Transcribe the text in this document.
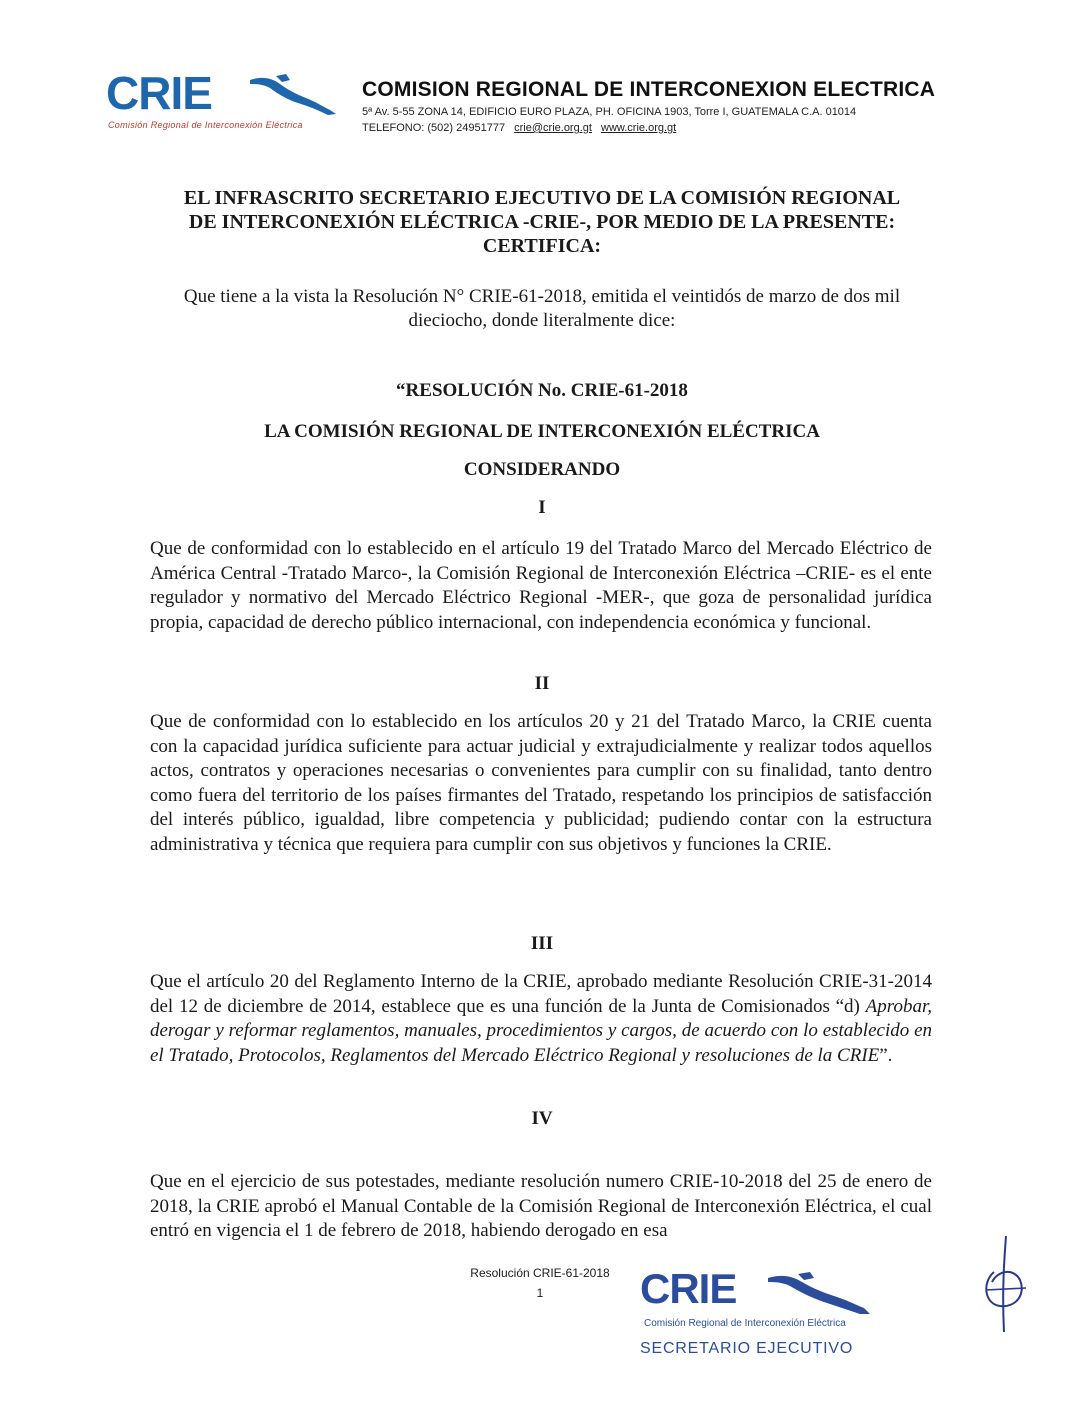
CRIE
Comisión Regional de Interconexión Eléctrica
COMISION REGIONAL DE INTERCONEXION ELECTRICA
5ª Av. 5-55 ZONA 14, EDIFICIO EURO PLAZA, PH. OFICINA 1903, Torre I, GUATEMALA C.A. 01014
TELEFONO: (502) 24951777 crie@crie.org.gt www.crie.org.gt
EL INFRASCRITO SECRETARIO EJECUTIVO DE LA COMISIÓN REGIONAL
DE INTERCONEXIÓN ELÉCTRICA -CRIE-, POR MEDIO DE LA PRESENTE:
CERTIFICA:
Que tiene a la vista la Resolución N° CRIE-61-2018, emitida el veintidós de marzo de dos mil dieciocho, donde literalmente dice:
“RESOLUCIÓN No. CRIE-61-2018
LA COMISIÓN REGIONAL DE INTERCONEXIÓN ELÉCTRICA
CONSIDERANDO
I
Que de conformidad con lo establecido en el artículo 19 del Tratado Marco del Mercado Eléctrico de América Central -Tratado Marco-, la Comisión Regional de Interconexión Eléctrica –CRIE- es el ente regulador y normativo del Mercado Eléctrico Regional -MER-, que goza de personalidad jurídica propia, capacidad de derecho público internacional, con independencia económica y funcional.
II
Que de conformidad con lo establecido en los artículos 20 y 21 del Tratado Marco, la CRIE cuenta con la capacidad jurídica suficiente para actuar judicial y extrajudicialmente y realizar todos aquellos actos, contratos y operaciones necesarias o convenientes para cumplir con su finalidad, tanto dentro como fuera del territorio de los países firmantes del Tratado, respetando los principios de satisfacción del interés público, igualdad, libre competencia y publicidad; pudiendo contar con la estructura administrativa y técnica que requiera para cumplir con sus objetivos y funciones la CRIE.
III
Que el artículo 20 del Reglamento Interno de la CRIE, aprobado mediante Resolución CRIE-31-2014 del 12 de diciembre de 2014, establece que es una función de la Junta de Comisionados “d) Aprobar, derogar y reformar reglamentos, manuales, procedimientos y cargos, de acuerdo con lo establecido en el Tratado, Protocolos, Reglamentos del Mercado Eléctrico Regional y resoluciones de la CRIE”.
IV
Que en el ejercicio de sus potestades, mediante resolución numero CRIE-10-2018 del 25 de enero de 2018, la CRIE aprobó el Manual Contable de la Comisión Regional de Interconexión Eléctrica, el cual entró en vigencia el 1 de febrero de 2018, habiendo derogado en esa
Resolución CRIE-61-2018
1	CRIE
Comisión Regional de Interconexión Eléctrica
SECRETARIO EJECUTIVO
